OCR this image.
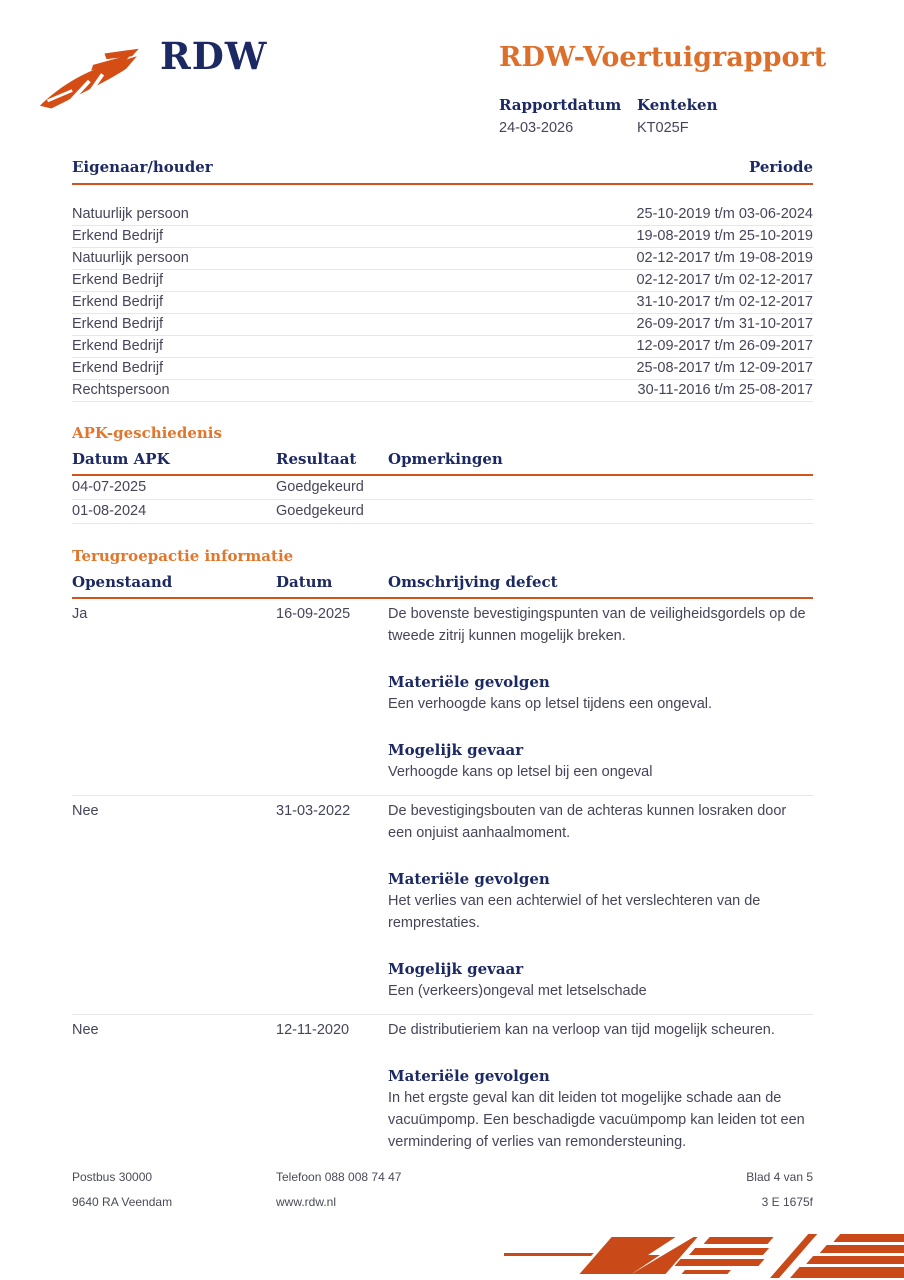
RDW	RDW-Voertuigrapport
Rapportdatum
24-03-2026
Kenteken
KT025F
Eigenaar/houder	Periode
Natuurlijk persoon	25-10-2019 t/m 03-06-2024
Erkend Bedrijf	19-08-2019 t/m 25-10-2019
Natuurlijk persoon	02-12-2017 t/m 19-08-2019
Erkend Bedrijf	02-12-2017 t/m 02-12-2017
Erkend Bedrijf	31-10-2017 t/m 02-12-2017
Erkend Bedrijf	26-09-2017 t/m 31-10-2017
Erkend Bedrijf	12-09-2017 t/m 26-09-2017
Erkend Bedrijf	25-08-2017 t/m 12-09-2017
Rechtspersoon	30-11-2016 t/m 25-08-2017
APK-geschiedenis
Datum APK	Resultaat	Opmerkingen
04-07-2025	Goedgekeurd
01-08-2024	Goedgekeurd
Terugroepactie informatie
Openstaand	Datum	Omschrijving defect
Ja	16-09-2025	De bovenste bevestigingspunten van de veiligheidsgordels op de tweede zitrij kunnen mogelijk breken.

Materiële gevolgen

Een verhoogde kans op letsel tijdens een ongeval.

Mogelijk gevaar

Verhoogde kans op letsel bij een ongeval

Nee	31-03-2022	De bevestigingsbouten van de achteras kunnen losraken door een onjuist aanhaalmoment.

Materiële gevolgen

Het verlies van een achterwiel of het verslechteren van de remprestaties.

Mogelijk gevaar

Een (verkeers)ongeval met letselschade

Nee	12-11-2020	De distributieriem kan na verloop van tijd mogelijk scheuren.

Materiële gevolgen

In het ergste geval kan dit leiden tot mogelijke schade aan de vacuümpomp. Een beschadigde vacuümpomp kan leiden tot een vermindering of verlies van remondersteuning.

Postbus 30000	Telefoon 088 008 74 47	Blad 4 van 5
9640 RA Veendam	www.rdw.nl	3 E 1675f
